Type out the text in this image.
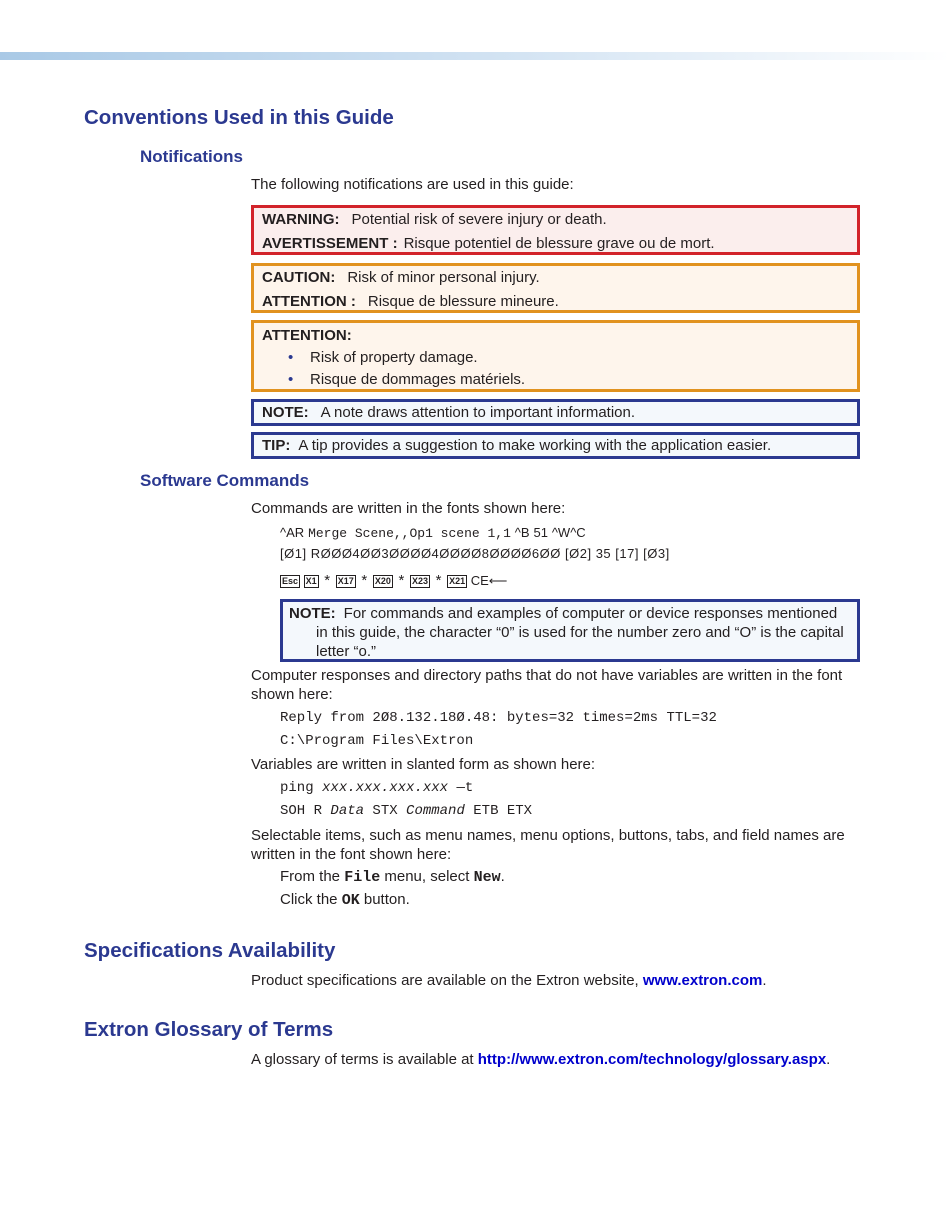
Conventions Used in this Guide
Notifications
The following notifications are used in this guide:
WARNING: Potential risk of severe injury or death.
AVERTISSEMENT : Risque potentiel de blessure grave ou de mort.
CAUTION: Risk of minor personal injury.
ATTENTION : Risque de blessure mineure.
ATTENTION:
• Risk of property damage.
• Risque de dommages matériels.
NOTE: A note draws attention to important information.
TIP: A tip provides a suggestion to make working with the application easier.
Software Commands
Commands are written in the fonts shown here:
^AR Merge Scene,,Op1 scene 1,1 ^B 51 ^W^C
[Ø1] RØØØ4ØØ3ØØØØ4ØØØØ8ØØØØ6ØØ [Ø2] 35 [17] [Ø3]
Esc X1 * X17 * X20 * X23 * X21 CE⟵
NOTE: For commands and examples of computer or device responses mentioned
in this guide, the character “0” is used for the number zero and “O” is the capital
letter “o.”
Computer responses and directory paths that do not have variables are written in the font
shown here:
Reply from 2Ø8.132.18Ø.48: bytes=32 times=2ms TTL=32
C:\Program Files\Extron
Variables are written in slanted form as shown here:
ping xxx.xxx.xxx.xxx —t
SOH R Data STX Command ETB ETX
Selectable items, such as menu names, menu options, buttons, tabs, and field names are
written in the font shown here:
From the File menu, select New.
Click the OK button.
Specifications Availability
Product specifications are available on the Extron website, www.extron.com.
Extron Glossary of Terms
A glossary of terms is available at http://www.extron.com/technology/glossary.aspx.
